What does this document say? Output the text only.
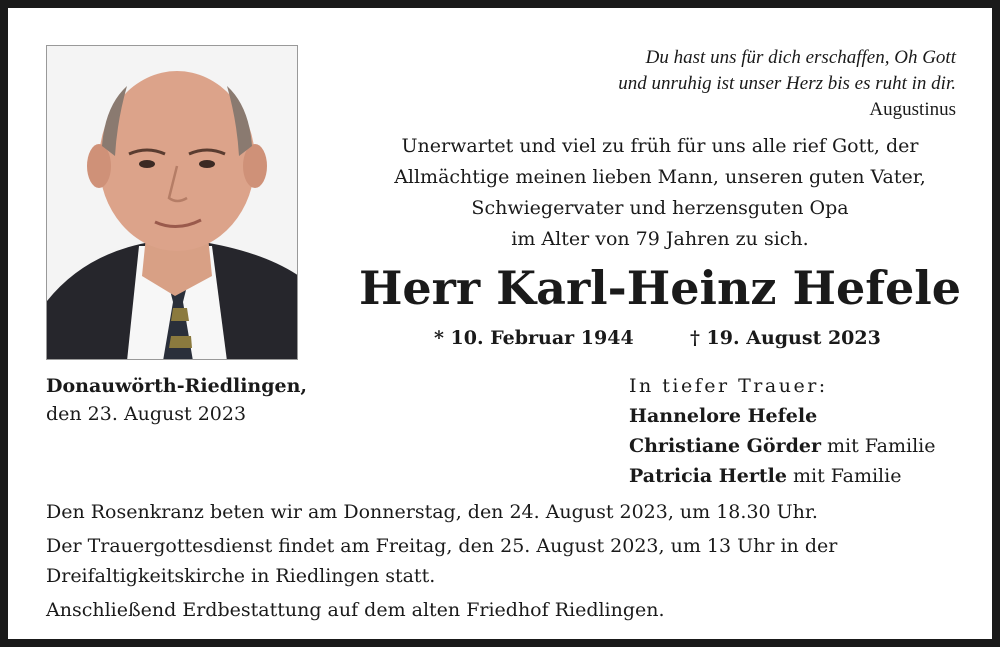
Du hast uns für dich erschaffen, Oh Gott
und unruhig ist unser Herz bis es ruht in dir.
Augustinus
Unerwartet und viel zu früh für uns alle rief Gott, der
Allmächtige meinen lieben Mann, unseren guten Vater,
Schwiegervater und herzensguten Opa
im Alter von 79 Jahren zu sich.
Herr Karl-Heinz Hefele
* 10. Februar 1944	† 19. August 2023
Donauwörth-Riedlingen,
den 23. August 2023
In tiefer Trauer:
Hannelore Hefele
Christiane Görder mit Familie
Patricia Hertle mit Familie

Den Rosenkranz beten wir am Donnerstag, den 24. August 2023, um 18.30 Uhr.

Der Trauergottesdienst findet am Freitag, den 25. August 2023, um 13 Uhr in der

Dreifaltigkeitskirche in Riedlingen statt.

Anschließend Erdbestattung auf dem alten Friedhof Riedlingen.
